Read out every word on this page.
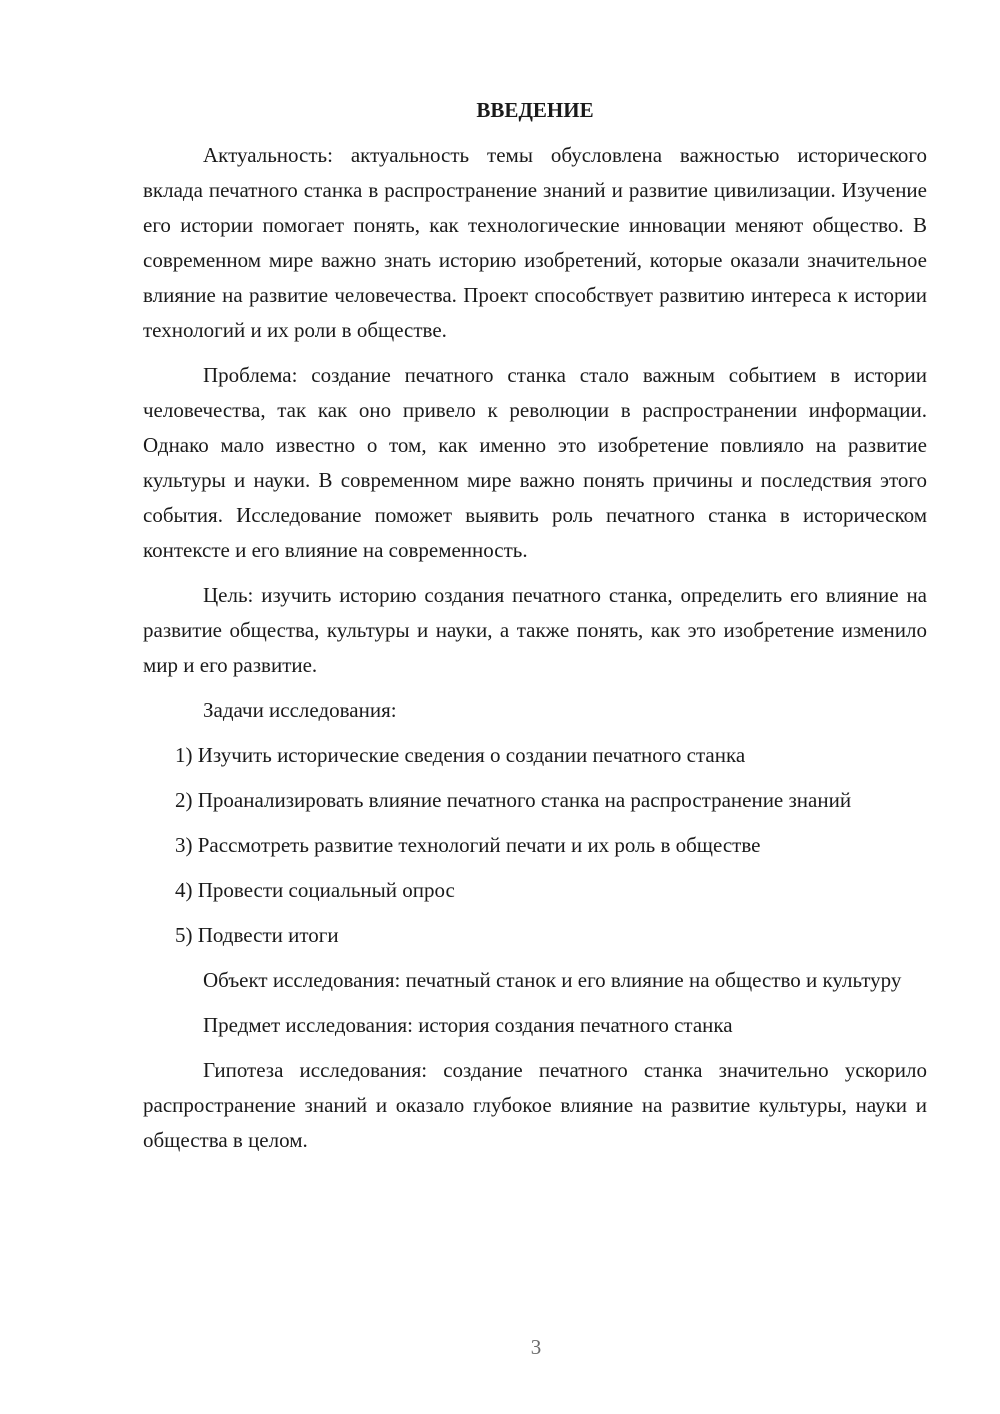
ВВЕДЕНИЕ

Актуальность: актуальность темы обусловлена важностью исторического вклада печатного станка в распространение знаний и развитие цивилизации. Изучение его истории помогает понять, как технологические инновации меняют общество. В современном мире важно знать историю изобретений, которые оказали значительное влияние на развитие человечества. Проект способствует развитию интереса к истории технологий и их роли в обществе.

Проблема: создание печатного станка стало важным событием в истории человечества, так как оно привело к революции в распространении информации. Однако мало известно о том, как именно это изобретение повлияло на развитие культуры и науки. В современном мире важно понять причины и последствия этого события. Исследование поможет выявить роль печатного станка в историческом контексте и его влияние на современность.

Цель: изучить историю создания печатного станка, определить его влияние на развитие общества, культуры и науки, а также понять, как это изобретение изменило мир и его развитие.

Задачи исследования:

1) Изучить исторические сведения о создании печатного станка

2) Проанализировать влияние печатного станка на распространение знаний

3) Рассмотреть развитие технологий печати и их роль в обществе

4) Провести социальный опрос

5) Подвести итоги

Объект исследования: печатный станок и его влияние на общество и культуру

Предмет исследования: история создания печатного станка

Гипотеза исследования: создание печатного станка значительно ускорило распространение знаний и оказало глубокое влияние на развитие культуры, науки и общества в целом.

3
